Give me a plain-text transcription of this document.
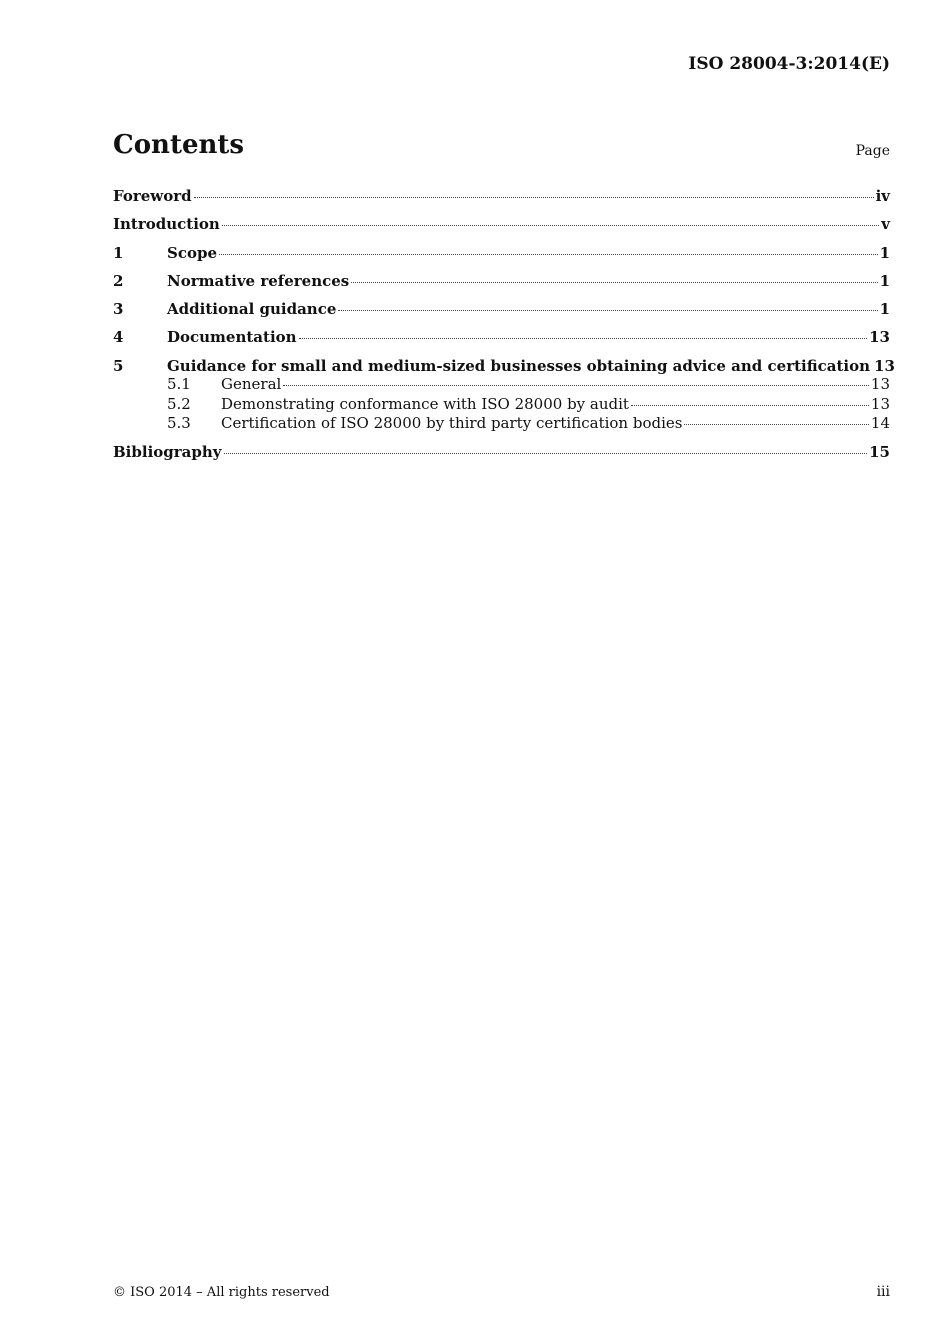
ISO 28004-3:2014(E)
Contents	Page
Foreword	iv
Introduction	v
1	Scope	1
2	Normative references	1
3	Additional guidance	1
4	Documentation	13
5	Guidance for small and medium-sized businesses obtaining advice and certification 13
5.1	General	13
5.2	Demonstrating conformance with ISO 28000 by audit	13
5.3	Certification of ISO 28000 by third party certification bodies	14
Bibliography	15
© ISO 2014 – All rights reserved	iii
